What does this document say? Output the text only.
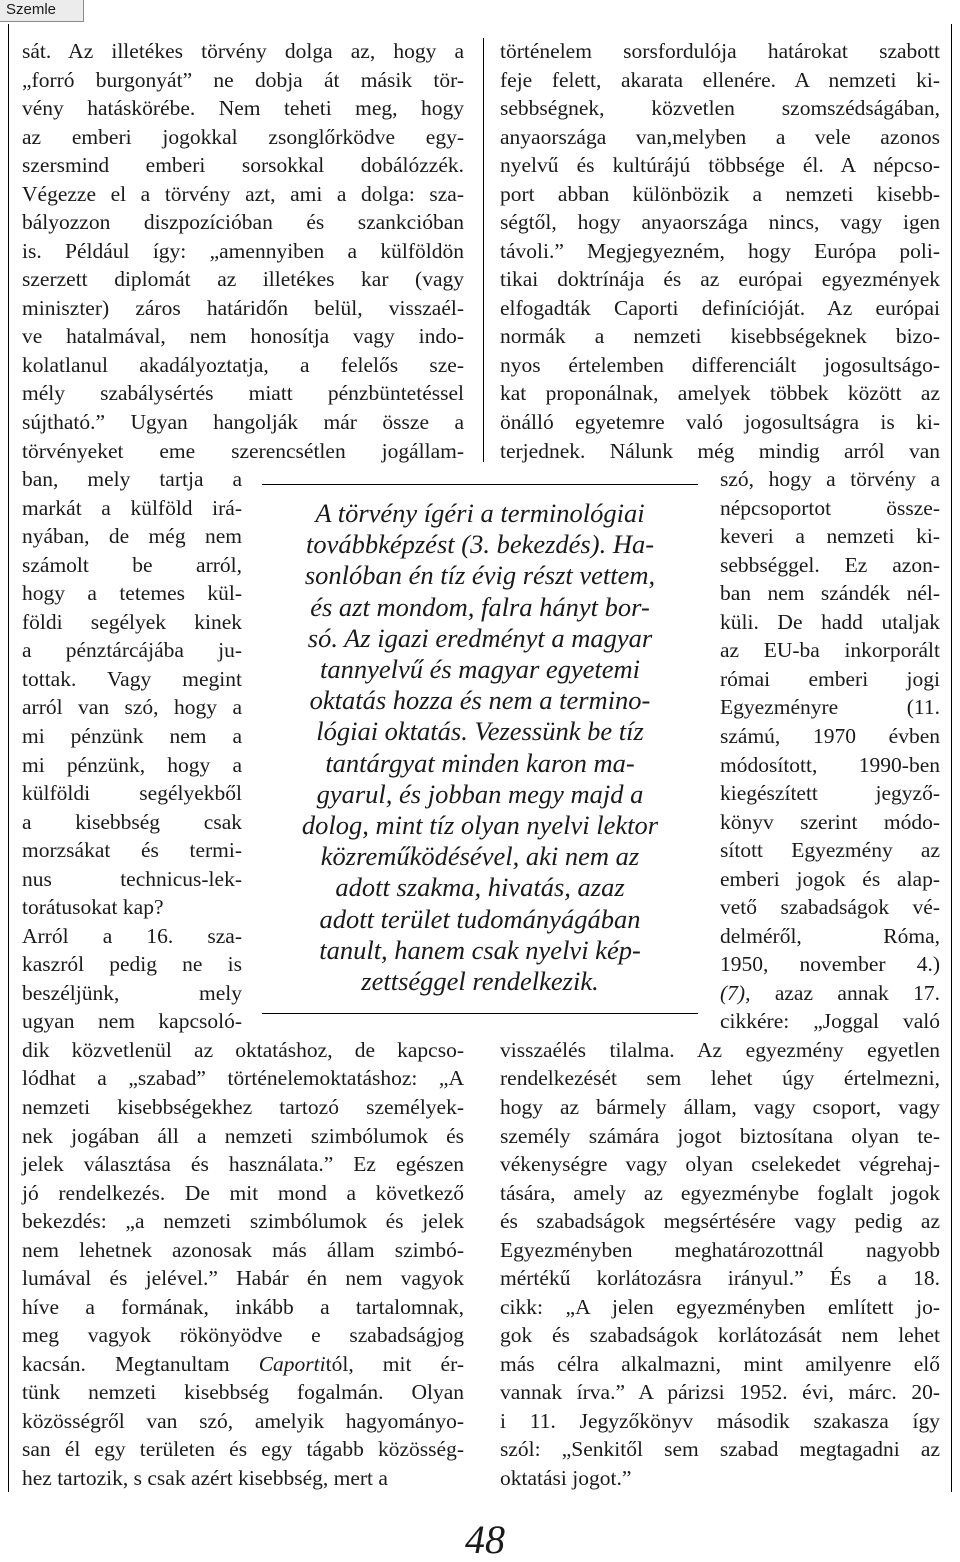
Szemle
sát. Az illetékes törvény dolga az, hogy a
„forró burgonyát” ne dobja át másik tör-
vény hatáskörébe. Nem teheti meg, hogy
az emberi jogokkal zsonglőrködve egy-
szersmind emberi sorsokkal dobálózzék.
Végezze el a törvény azt, ami a dolga: sza-
bályozzon diszpozícióban és szankcióban
is. Például így: „amennyiben a külföldön
szerzett diplomát az illetékes kar (vagy
miniszter) záros határidőn belül, visszaél-
ve hatalmával, nem honosítja vagy indo-
kolatlanul akadályoztatja, a felelős sze-
mély szabálysértés miatt pénzbüntetéssel
sújtható.” Ugyan hangolják már össze a
törvényeket eme szerencsétlen jogállam-
ban, mely tartja a
markát a külföld irá-
nyában, de még nem
számolt be arról,
hogy a tetemes kül-
földi segélyek kinek
a pénztárcájába ju-
tottak. Vagy megint
arról van szó, hogy a
mi pénzünk nem a
mi pénzünk, hogy a
külföldi segélyekből
a kisebbség csak
morzsákat és termi-
nus technicus-lek-
torátusokat kap?
Arról a 16. sza-
kaszról pedig ne is
beszéljünk, mely
ugyan nem kapcsoló-
dik közvetlenül az oktatáshoz, de kapcso-
lódhat a „szabad” történelemoktatáshoz: „A
nemzeti kisebbségekhez tartozó személyek-
nek jogában áll a nemzeti szimbólumok és
jelek választása és használata.” Ez egészen
jó rendelkezés. De mit mond a következő
bekezdés: „a nemzeti szimbólumok és jelek
nem lehetnek azonosak más állam szimbó-
lumával és jelével.” Habár én nem vagyok
híve a formának, inkább a tartalomnak,
meg vagyok rökönyödve e szabadságjog
kacsán. Megtanultam Caportitól, mit ér-
tünk nemzeti kisebbség fogalmán. Olyan
közösségről van szó, amelyik hagyományo-
san él egy területen és egy tágabb közösség-
hez tartozik, s csak azért kisebbség, mert a
történelem sorsfordulója határokat szabott
feje felett, akarata ellenére. A nemzeti ki-
sebbségnek, közvetlen szomszédságában,
anyaországa van,melyben a vele azonos
nyelvű és kultúrájú többsége él. A népcso-
port abban különbözik a nemzeti kisebb-
ségtől, hogy anyaországa nincs, vagy igen
távoli.” Megjegyezném, hogy Európa poli-
tikai doktrínája és az európai egyezmények
elfogadták Caporti definícióját. Az európai
normák a nemzeti kisebbségeknek bizo-
nyos értelemben differenciált jogosultságo-
kat proponálnak, amelyek többek között az
önálló egyetemre való jogosultságra is ki-
terjednek. Nálunk még mindig arról van
szó, hogy a törvény a
népcsoportot össze-
keveri a nemzeti ki-
sebbséggel. Ez azon-
ban nem szándék nél-
küli. De hadd utaljak
az EU-ba inkorporált
római emberi jogi
Egyezményre (11.
számú, 1970 évben
módosított, 1990-ben
kiegészített jegyző-
könyv szerint módo-
sított Egyezmény az
emberi jogok és alap-
vető szabadságok vé-
delméről, Róma,
1950, november 4.)
(7), azaz annak 17.
cikkére: „Joggal való
visszaélés tilalma. Az egyezmény egyetlen
rendelkezését sem lehet úgy értelmezni,
hogy az bármely állam, vagy csoport, vagy
személy számára jogot biztosítana olyan te-
vékenységre vagy olyan cselekedet végrehaj-
tására, amely az egyezménybe foglalt jogok
és szabadságok megsértésére vagy pedig az
Egyezményben meghatározottnál nagyobb
mértékű korlátozásra irányul.” És a 18.
cikk: „A jelen egyezményben említett jo-
gok és szabadságok korlátozását nem lehet
más célra alkalmazni, mint amilyenre elő
vannak írva.” A párizsi 1952. évi, márc. 20-
i 11. Jegyzőkönyv második szakasza így
szól: „Senkitől sem szabad megtagadni az
oktatási jogot.”
A törvény ígéri a terminológiai
továbbképzést (3. bekezdés). Ha-
sonlóban én tíz évig részt vettem,
és azt mondom, falra hányt bor-
só. Az igazi eredményt a magyar
tannyelvű és magyar egyetemi
oktatás hozza és nem a termino-
lógiai oktatás. Vezessünk be tíz
tantárgyat minden karon ma-
gyarul, és jobban megy majd a
dolog, mint tíz olyan nyelvi lektor
közreműködésével, aki nem az
adott szakma, hivatás, azaz
adott terület tudományágában
tanult, hanem csak nyelvi kép-
zettséggel rendelkezik.
48
